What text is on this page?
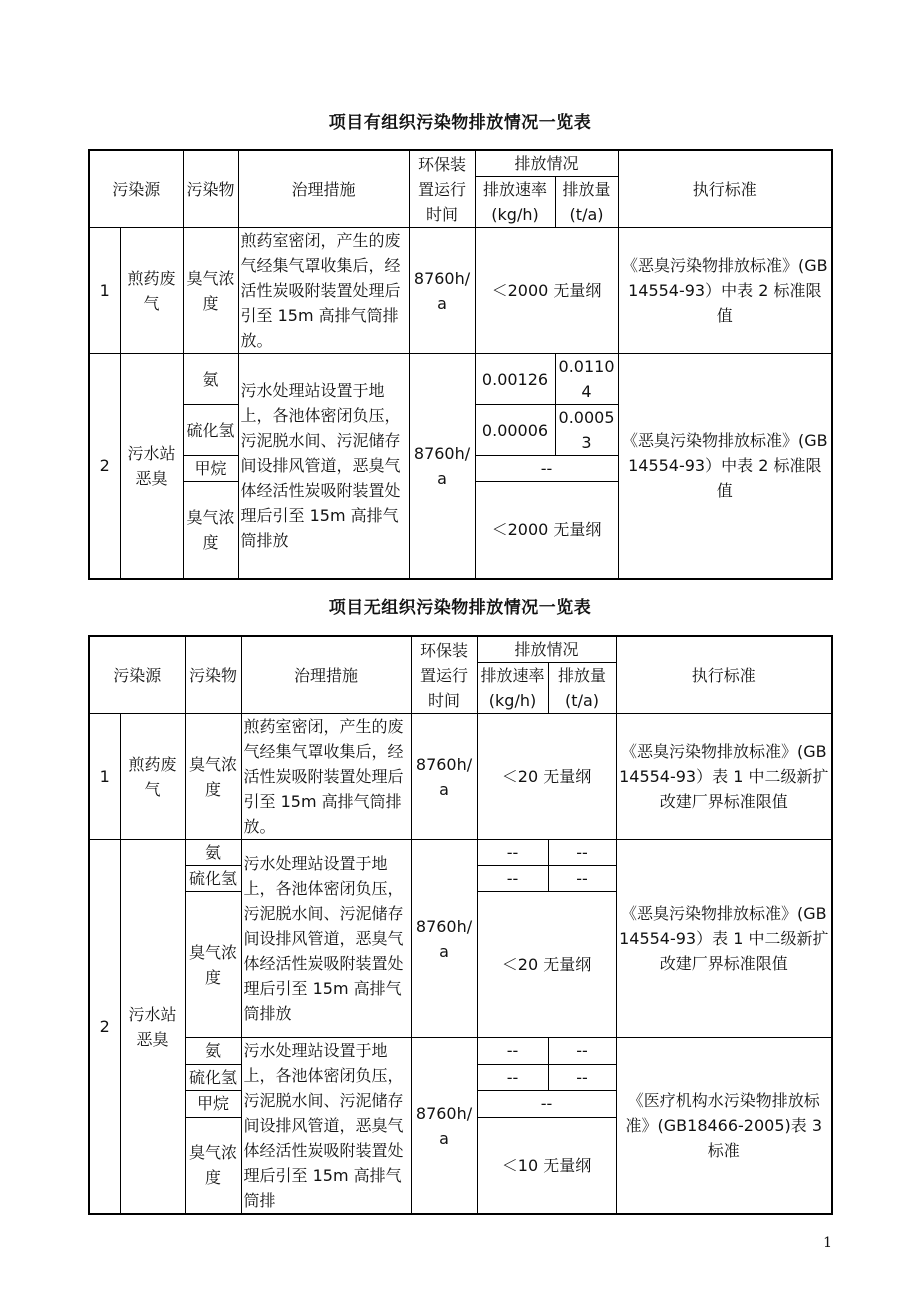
项目有组织污染物排放情况一览表
污染源		污染物	治理措施	环保装置运行时间	排放情况		执行标准
					排放速率(kg/h)	排放量(t/a)	

1	煎药废气	臭气浓度	煎药室密闭，产生的废气经集气罩收集后，经活性炭吸附装置处理后引至 15m 高排气筒排放。	8760h/a	＜2000 无量纲		《恶臭污染物排放标准》(GB14554-93）中表 2 标准限值
2	污水站恶臭	氨	污水处理站设置于地上，各池体密闭负压，污泥脱水间、污泥储存间设排风管道，恶臭气体经活性炭吸附装置处理后引至 15m 高排气筒排放	8760h/a	0.00126	0.01104	《恶臭污染物排放标准》(GB14554-93）中表 2 标准限值
		硫化氢			0.00006	0.00053	
		甲烷			--		
		臭气浓度			＜2000 无量纲		
项目无组织污染物排放情况一览表
污染源		污染物	治理措施	环保装置运行时间	排放情况		执行标准
					排放速率(kg/h)	排放量(t/a)	

1	煎药废气	臭气浓度	煎药室密闭，产生的废气经集气罩收集后，经活性炭吸附装置处理后引至 15m 高排气筒排放。	8760h/a	＜20 无量纲		《恶臭污染物排放标准》(GB14554-93）表 1 中二级新扩改建厂界标准限值
2	污水站恶臭	氨	污水处理站设置于地上，各池体密闭负压，污泥脱水间、污泥储存间设排风管道，恶臭气体经活性炭吸附装置处理后引至 15m 高排气筒排放	8760h/a	--	--	《恶臭污染物排放标准》(GB14554-93）表 1 中二级新扩改建厂界标准限值
		硫化氢			--	--	
		臭气浓度			＜20 无量纲		
		氨	污水处理站设置于地上，各池体密闭负压，污泥脱水间、污泥储存间设排风管道，恶臭气体经活性炭吸附装置处理后引至 15m 高排气筒排	8760h/a	--	--	《医疗机构水污染物排放标准》(GB18466-2005)表 3 标准
		硫化氢			--	--	
		甲烷			--		
		臭气浓度			＜10 无量纲		
1
